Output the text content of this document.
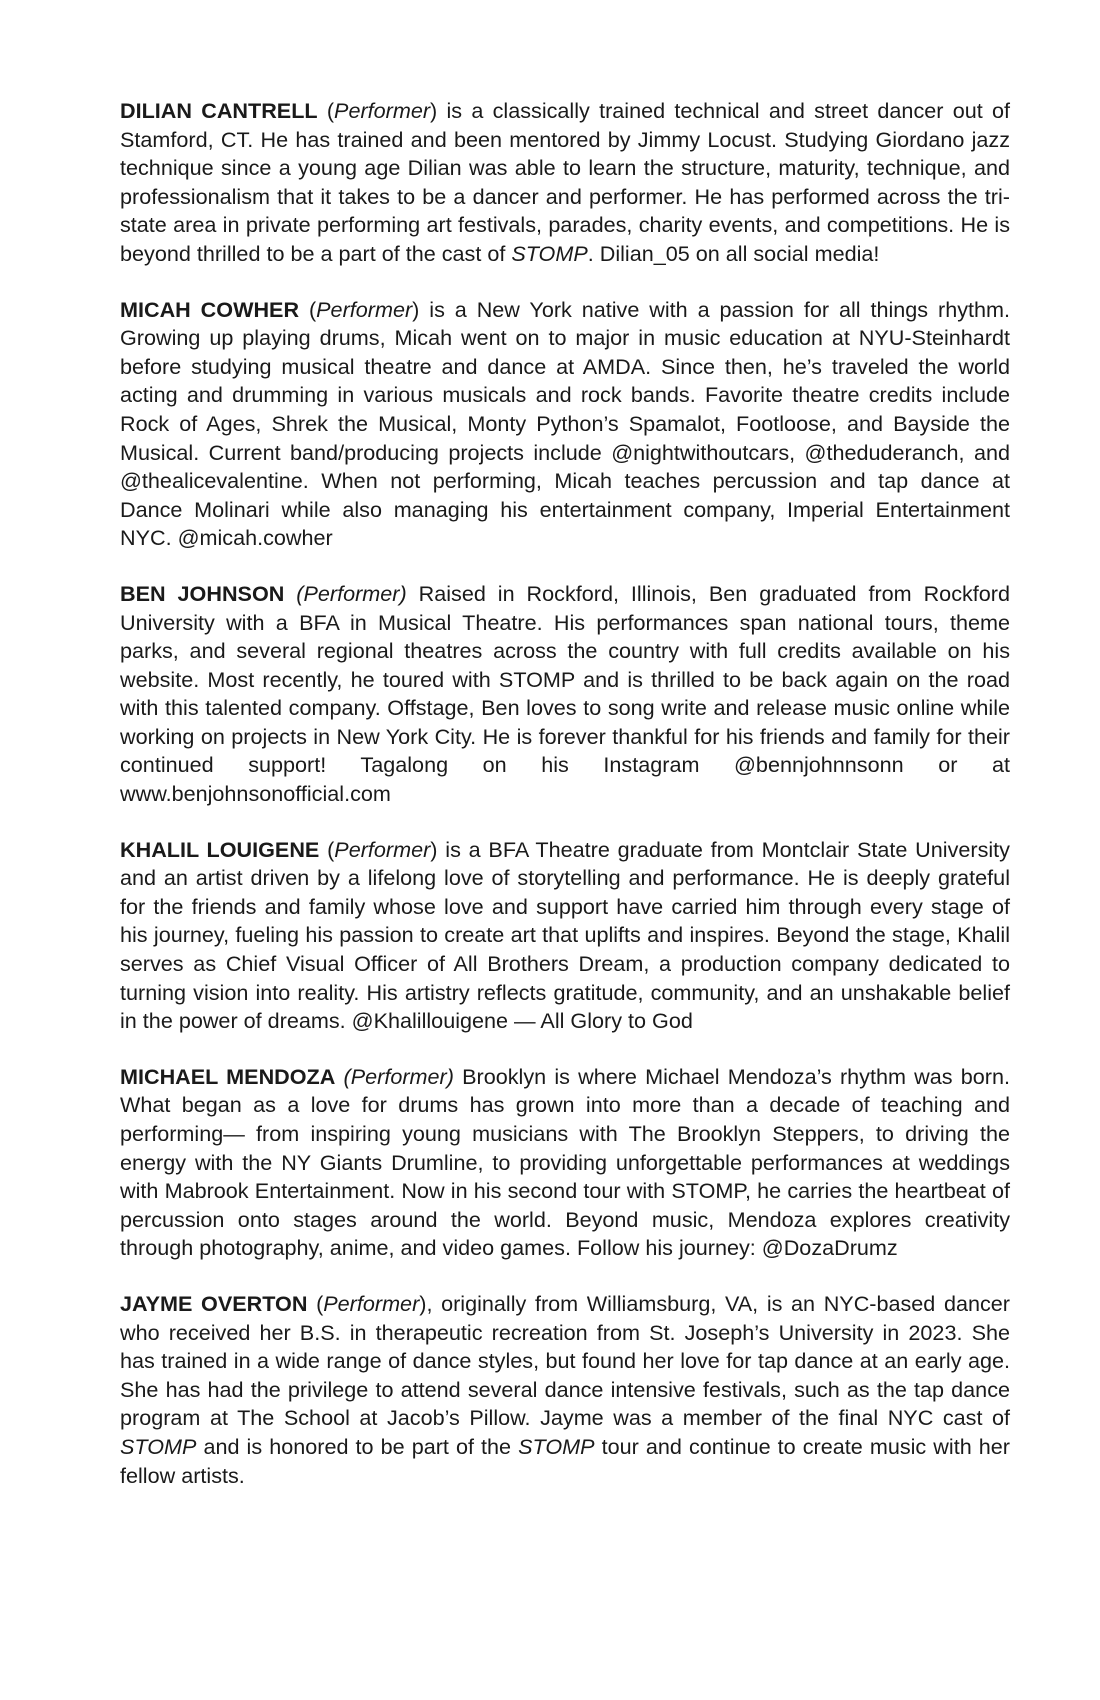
DILIAN CANTRELL (Performer) is a classically trained technical and street dancer out of Stamford, CT. He has trained and been mentored by Jimmy Locust. Studying Giordano jazz technique since a young age Dilian was able to learn the structure, maturity, technique, and professionalism that it takes to be a dancer and performer. He has performed across the tri-state area in private performing art festivals, parades, charity events, and competitions. He is beyond thrilled to be a part of the cast of STOMP. Dilian_05 on all social media!

MICAH COWHER (Performer) is a New York native with a passion for all things rhythm. Growing up playing drums, Micah went on to major in music education at NYU-Steinhardt before studying musical theatre and dance at AMDA. Since then, he’s traveled the world acting and drumming in various musicals and rock bands. Favorite theatre credits include Rock of Ages, Shrek the Musical, Monty Python’s Spamalot, Footloose, and Bayside the Musical. Current band/producing projects include @nightwithoutcars, @theduderanch, and @thealicevalentine. When not performing, Micah teaches percussion and tap dance at Dance Molinari while also managing his entertainment company, Imperial Entertainment NYC. @micah.cowher

BEN JOHNSON (Performer) Raised in Rockford, Illinois, Ben graduated from Rockford University with a BFA in Musical Theatre. His performances span national tours, theme parks, and several regional theatres across the country with full credits available on his website. Most recently, he toured with STOMP and is thrilled to be back again on the road with this talented company. Offstage, Ben loves to song write and release music online while working on projects in New York City. He is forever thankful for his friends and family for their continued support! Tagalong on his Instagram @bennjohnnsonn or at www.benjohnsonofficial.com

KHALIL LOUIGENE (Performer) is a BFA Theatre graduate from Montclair State University and an artist driven by a lifelong love of storytelling and performance. He is deeply grateful for the friends and family whose love and support have carried him through every stage of his journey, fueling his passion to create art that uplifts and inspires. Beyond the stage, Khalil serves as Chief Visual Officer of All Brothers Dream, a production company dedicated to turning vision into reality. His artistry reflects gratitude, community, and an unshakable belief in the power of dreams. @Khalillouigene — All Glory to God

MICHAEL MENDOZA (Performer) Brooklyn is where Michael Mendoza’s rhythm was born. What began as a love for drums has grown into more than a decade of teaching and performing— from inspiring young musicians with The Brooklyn Steppers, to driving the energy with the NY Giants Drumline, to providing unforgettable performances at weddings with Mabrook Entertainment. Now in his second tour with STOMP, he carries the heartbeat of percussion onto stages around the world. Beyond music, Mendoza explores creativity through photography, anime, and video games. Follow his journey: @DozaDrumz

JAYME OVERTON (Performer), originally from Williamsburg, VA, is an NYC-based dancer who received her B.S. in therapeutic recreation from St. Joseph’s University in 2023. She has trained in a wide range of dance styles, but found her love for tap dance at an early age. She has had the privilege to attend several dance intensive festivals, such as the tap dance program at The School at Jacob’s Pillow. Jayme was a member of the final NYC cast of STOMP and is honored to be part of the STOMP tour and continue to create music with her fellow artists.
